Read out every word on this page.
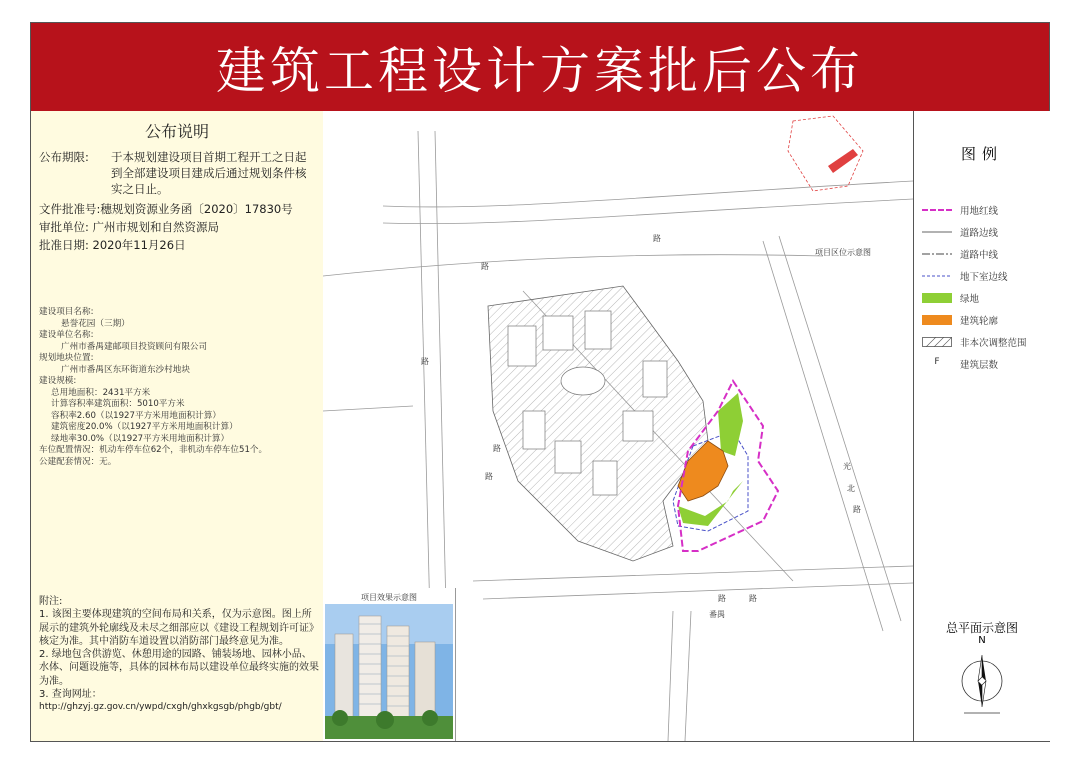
建筑工程设计方案批后公布
公布说明
公布期限: 于本规划建设项目首期工程开工之日起到全部建设项目建成后通过规划条件核实之日止。
文件批准号:穗规划资源业务函〔2020〕17830号
审批单位: 广州市规划和自然资源局
批准日期: 2020年11月26日
建设项目名称:
悬誉花园（三期）
建设单位名称:
广州市番禺建邮项目投资顾问有限公司
规划地块位置:
广州市番禺区东环街道东沙村地块
建设规模:
总用地面积：2431平方米
计算容积率建筑面积：5010平方米
容积率2.60（以1927平方米用地面积计算）
建筑密度20.0%（以1927平方米用地面积计算）
绿地率30.0%（以1927平方米用地面积计算）
车位配置情况：机动车停车位62个，非机动车停车位51个。
公建配套情况：无。
附注:
1. 该图主要体现建筑的空间布局和关系，仅为示意图。图上所展示的建筑外轮廓线及未尽之细部应以《建设工程规划许可证》核定为准。其中消防车道设置以消防部门最终意见为准。
2. 绿地包含供游览、休憩用途的园路、铺装场地、园林小品、水体、问题设施等，具体的园林布局以建设单位最终实施的效果为准。
3. 查询网址：
http://ghzyj.gz.gov.cn/ywpd/cxgh/ghxkgsgb/phgb/gbt/
项目区位示意图
路
路
路
路
路
光
北
路
路
番禺
路
项目效果示意图
图例
用地红线
道路边线
道路中线
地下室边线
绿地
建筑轮廓
非本次调整范围
F	建筑层数
总平面示意图
N
